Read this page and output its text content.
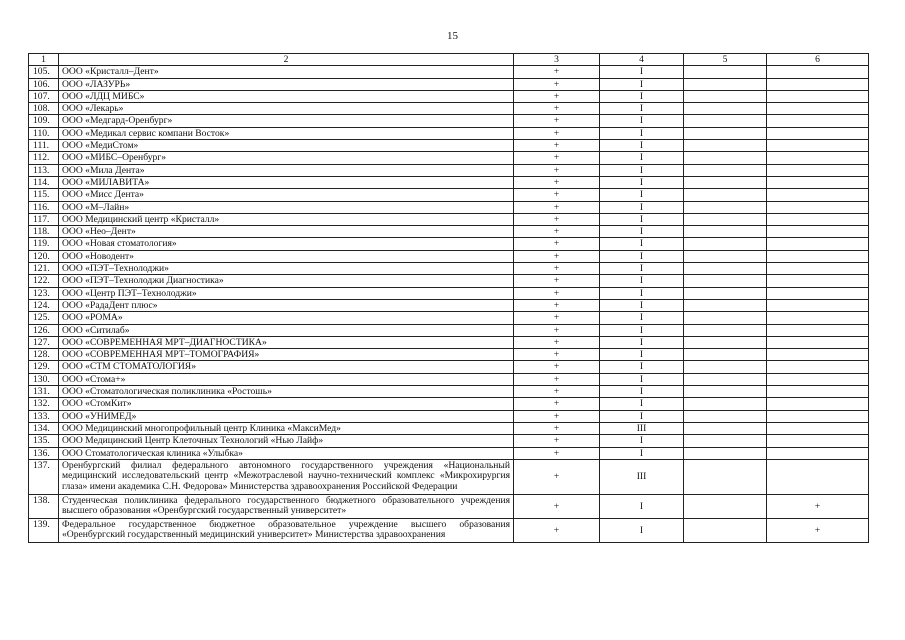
15
1	2	3	4	5	6
105.	ООО «Кристалл–Дент»	+	I		
106.	ООО «ЛАЗУРЬ»	+	I		
107.	ООО «ЛДЦ МИБС»	+	I		
108.	ООО «Лекарь»	+	I		
109.	ООО «Медгард-Оренбург»	+	I		
110.	ООО «Медикал сервис компани Восток»	+	I		
111.	ООО «МедиСтом»	+	I		
112.	ООО «МИБС–Оренбург»	+	I		
113.	ООО «Мила Дента»	+	I		
114.	ООО «МИЛАВИТА»	+	I		
115.	ООО «Мисс Дента»	+	I		
116.	ООО «М–Лайн»	+	I		
117.	ООО Медицинский центр «Кристалл»	+	I		
118.	ООО «Нео–Дент»	+	I		
119.	ООО «Новая стоматология»	+	I		
120.	ООО «Новодент»	+	I		
121.	ООО «ПЭТ–Технолоджи»	+	I		
122.	ООО «ПЭТ–Технолоджи Диагностика»	+	I		
123.	ООО «Центр ПЭТ–Технолоджи»	+	I		
124.	ООО «РадаДент плюс»	+	I		
125.	ООО «РОМА»	+	I		
126.	ООО «Ситилаб»	+	I		
127.	ООО «СОВРЕМЕННАЯ МРТ–ДИАГНОСТИКА»	+	I		
128.	ООО «СОВРЕМЕННАЯ МРТ–ТОМОГРАФИЯ»	+	I		
129.	ООО «СТМ СТОМАТОЛОГИЯ»	+	I		
130.	ООО «Стома+»	+	I		
131.	ООО «Стоматологическая поликлиника «Ростошь»	+	I		
132.	ООО «СтомКит»	+	I		
133.	ООО «УНИМЕД»	+	I		
134.	ООО Медицинский многопрофильный центр Клиника «МаксиМед»	+	III		
135.	ООО Медицинский Центр Клеточных Технологий «Нью Лайф»	+	I		
136.	ООО Стоматологическая клиника «Улыбка»	+	I		
137.	Оренбургский филиал федерального автономного государственного учреждения «Национальный медицинский исследовательский центр «Межотраслевой научно-технический комплекс «Микрохирургия глаза» имени академика С.Н. Федорова» Министерства здравоохранения Российской Федерации	+	III		
138.	Студенческая поликлиника федерального государственного бюджетного образовательного учреждения высшего образования «Оренбургский государственный университет»	+	I		+
139.	Федеральное государственное бюджетное образовательное учреждение высшего образования «Оренбургский государственный медицинский университет» Министерства здравоохранения	+	I		+
